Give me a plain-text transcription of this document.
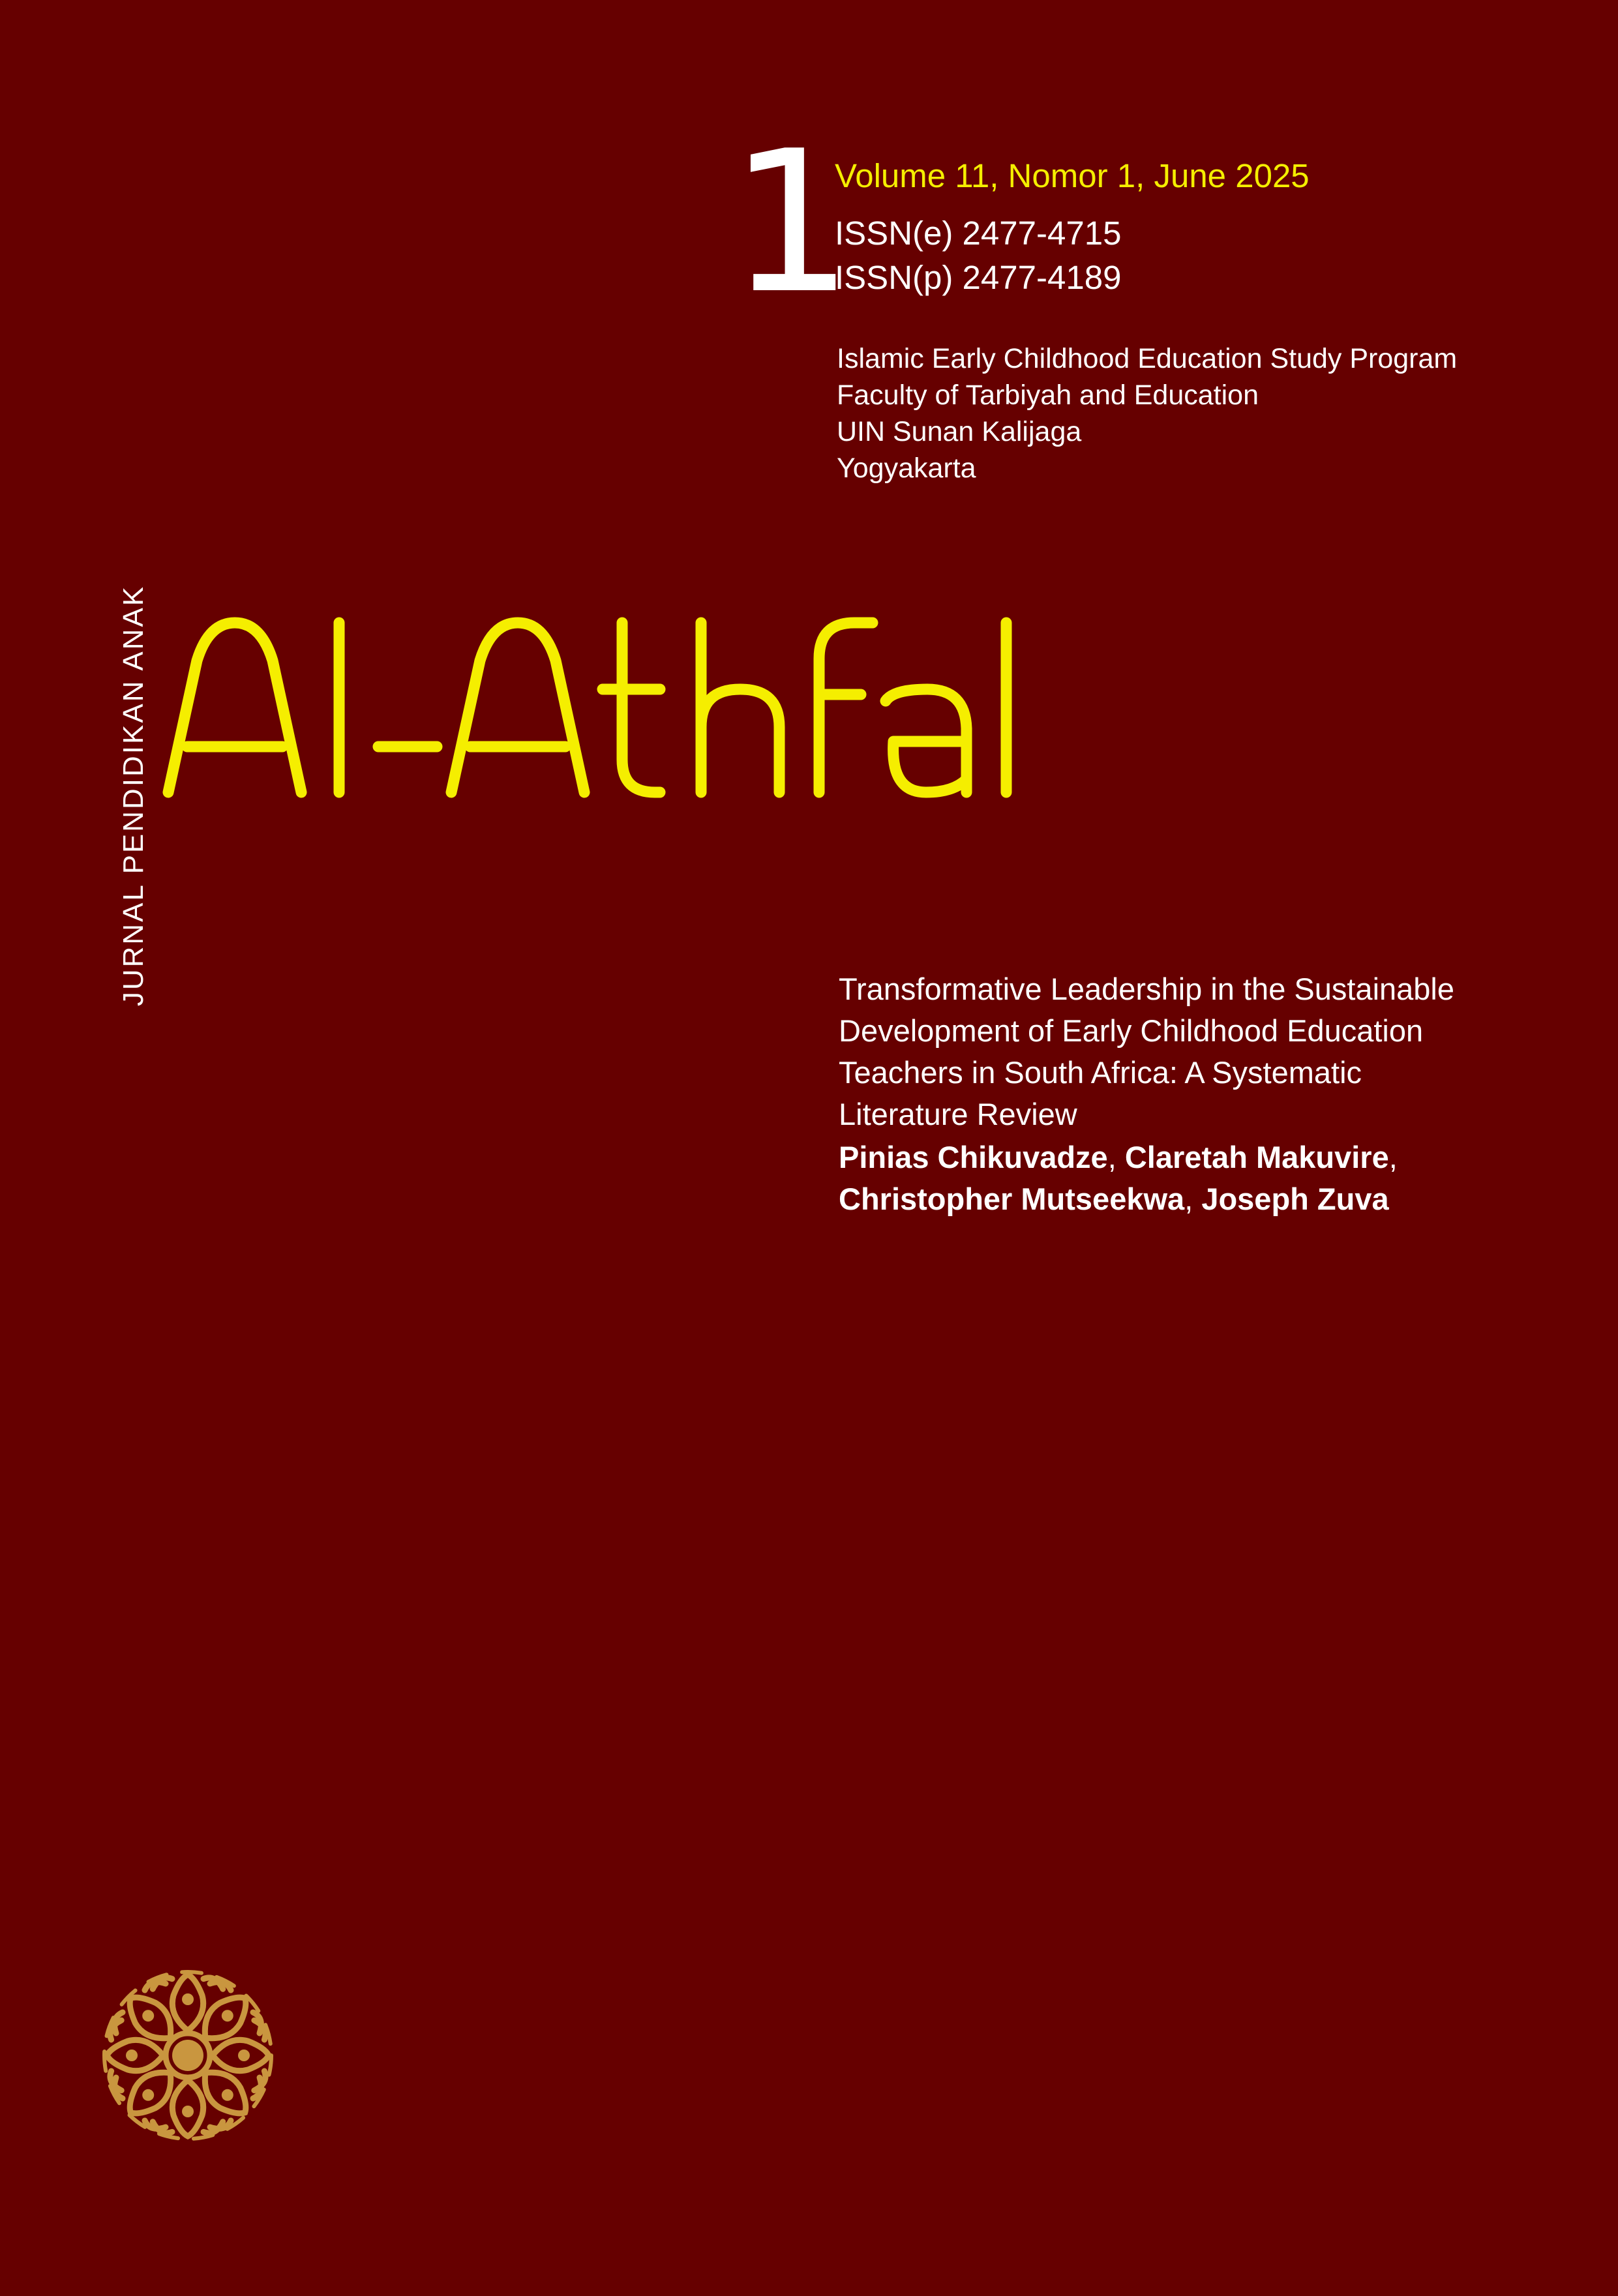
1
Volume 11, Nomor 1, June 2025
ISSN(e) 2477-4715
ISSN(p) 2477-4189
Islamic Early Childhood Education Study Program
Faculty of Tarbiyah and Education
UIN Sunan Kalijaga
Yogyakarta
JURNAL PENDIDIKAN ANAK	Transformative Leadership in the Sustainable
Development of Early Childhood Education
Teachers in South Africa: A Systematic
Literature Review
Pinias Chikuvadze, Claretah Makuvire,
Christopher Mutseekwa, Joseph Zuva
